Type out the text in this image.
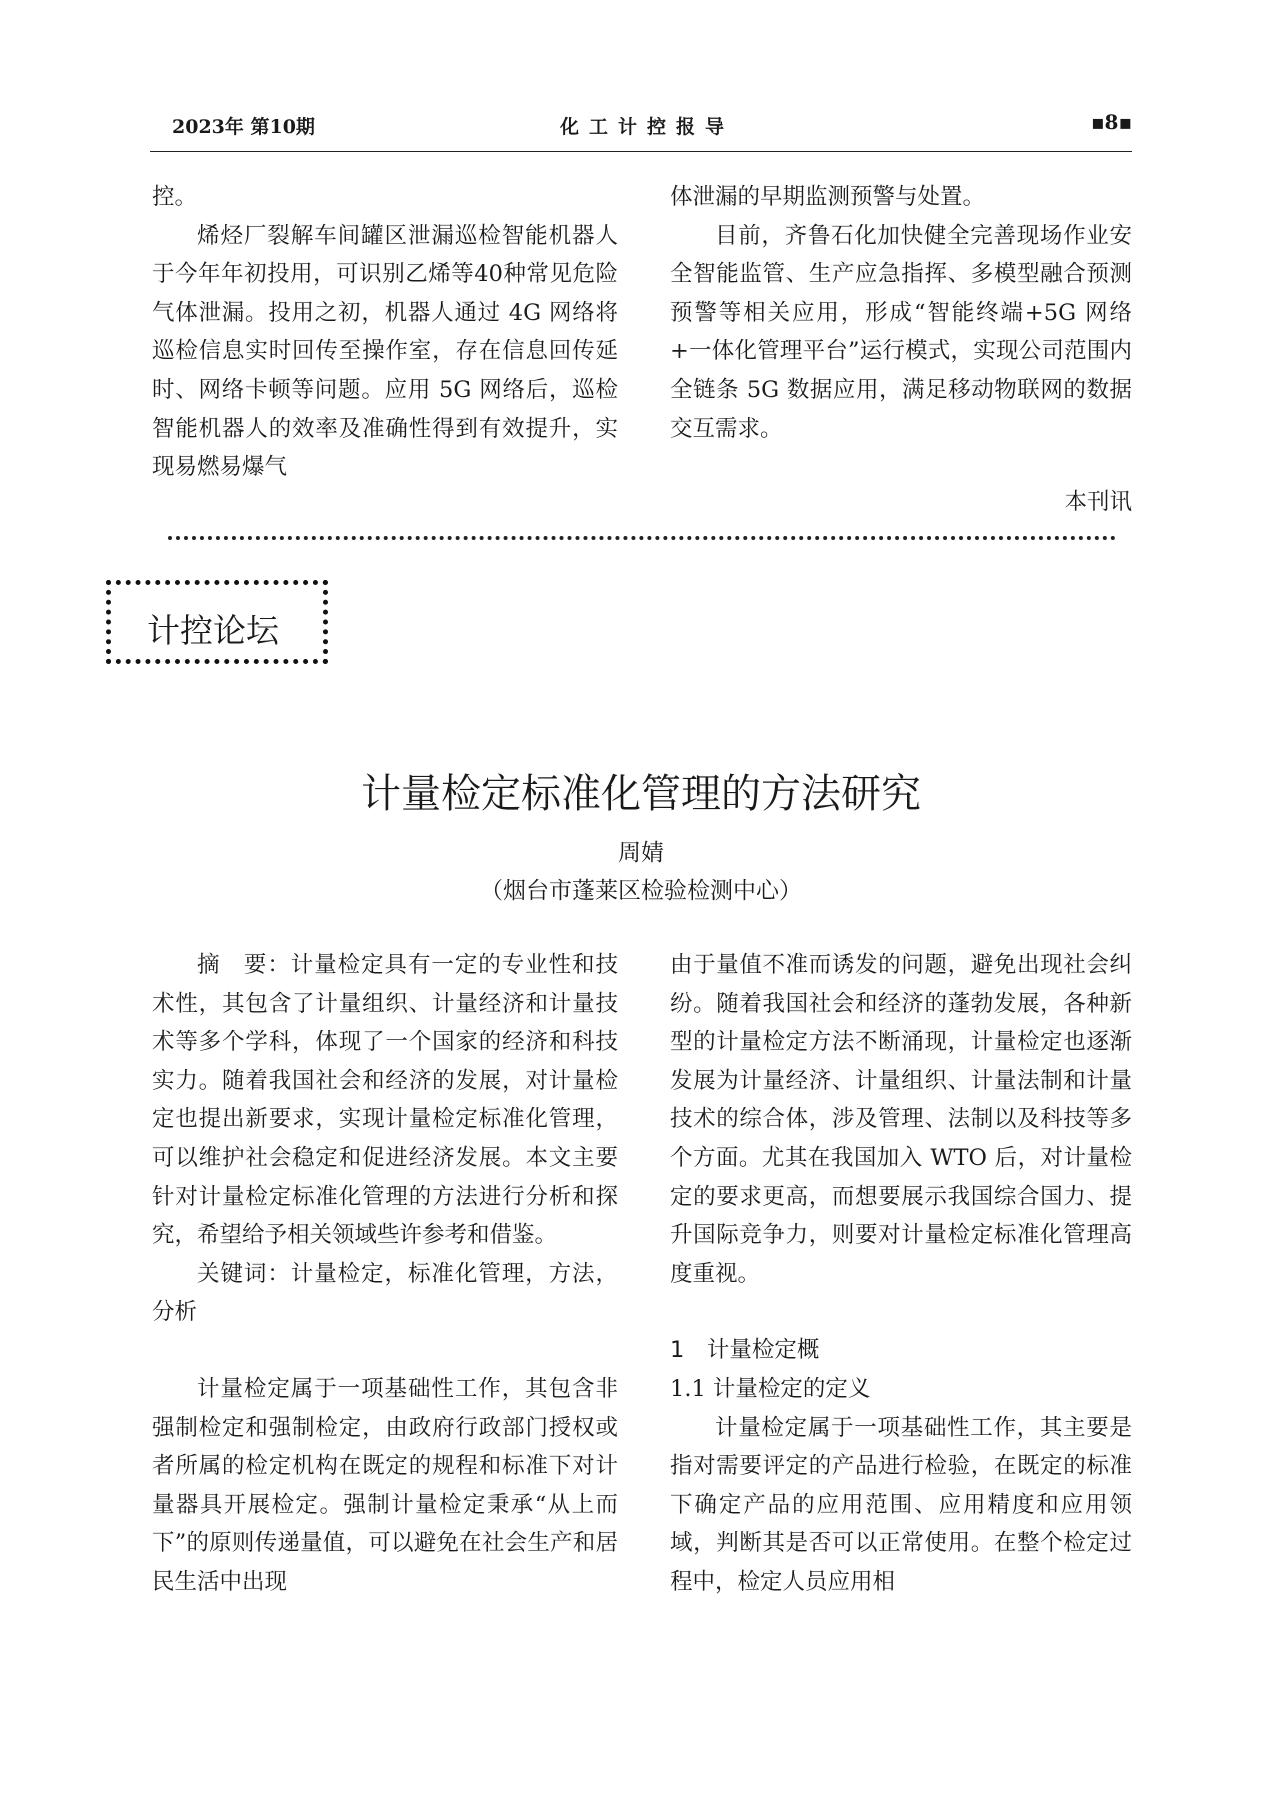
2023年 第10期	化工计控报导	▪8▪

控。

烯烃厂裂解车间罐区泄漏巡检智能机器人于今年年初投用，可识别乙烯等40种常见危险气体泄漏。投用之初，机器人通过 4G 网络将巡检信息实时回传至操作室，存在信息回传延时、网络卡顿等问题。应用 5G 网络后，巡检智能机器人的效率及准确性得到有效提升，实现易燃易爆气

体泄漏的早期监测预警与处置。

目前，齐鲁石化加快健全完善现场作业安全智能监管、生产应急指挥、多模型融合预测预警等相关应用，形成“智能终端+5G 网络+一体化管理平台”运行模式，实现公司范围内全链条 5G 数据应用，满足移动物联网的数据交互需求。

本刊讯
计控论坛
计量检定标准化管理的方法研究
周婧
（烟台市蓬莱区检验检测中心）

摘　要：计量检定具有一定的专业性和技术性，其包含了计量组织、计量经济和计量技术等多个学科，体现了一个国家的经济和科技实力。随着我国社会和经济的发展，对计量检定也提出新要求，实现计量检定标准化管理，可以维护社会稳定和促进经济发展。本文主要针对计量检定标准化管理的方法进行分析和探究，希望给予相关领域些许参考和借鉴。

关键词：计量检定，标准化管理，方法，分析

计量检定属于一项基础性工作，其包含非强制检定和强制检定，由政府行政部门授权或者所属的检定机构在既定的规程和标准下对计量器具开展检定。强制计量检定秉承“从上而下”的原则传递量值，可以避免在社会生产和居民生活中出现

由于量值不准而诱发的问题，避免出现社会纠纷。随着我国社会和经济的蓬勃发展，各种新型的计量检定方法不断涌现，计量检定也逐渐发展为计量经济、计量组织、计量法制和计量技术的综合体，涉及管理、法制以及科技等多个方面。尤其在我国加入 WTO 后，对计量检定的要求更高，而想要展示我国综合国力、提升国际竞争力，则要对计量检定标准化管理高度重视。

1　计量检定概

1.1 计量检定的定义

计量检定属于一项基础性工作，其主要是指对需要评定的产品进行检验，在既定的标准下确定产品的应用范围、应用精度和应用领域，判断其是否可以正常使用。在整个检定过程中，检定人员应用相
